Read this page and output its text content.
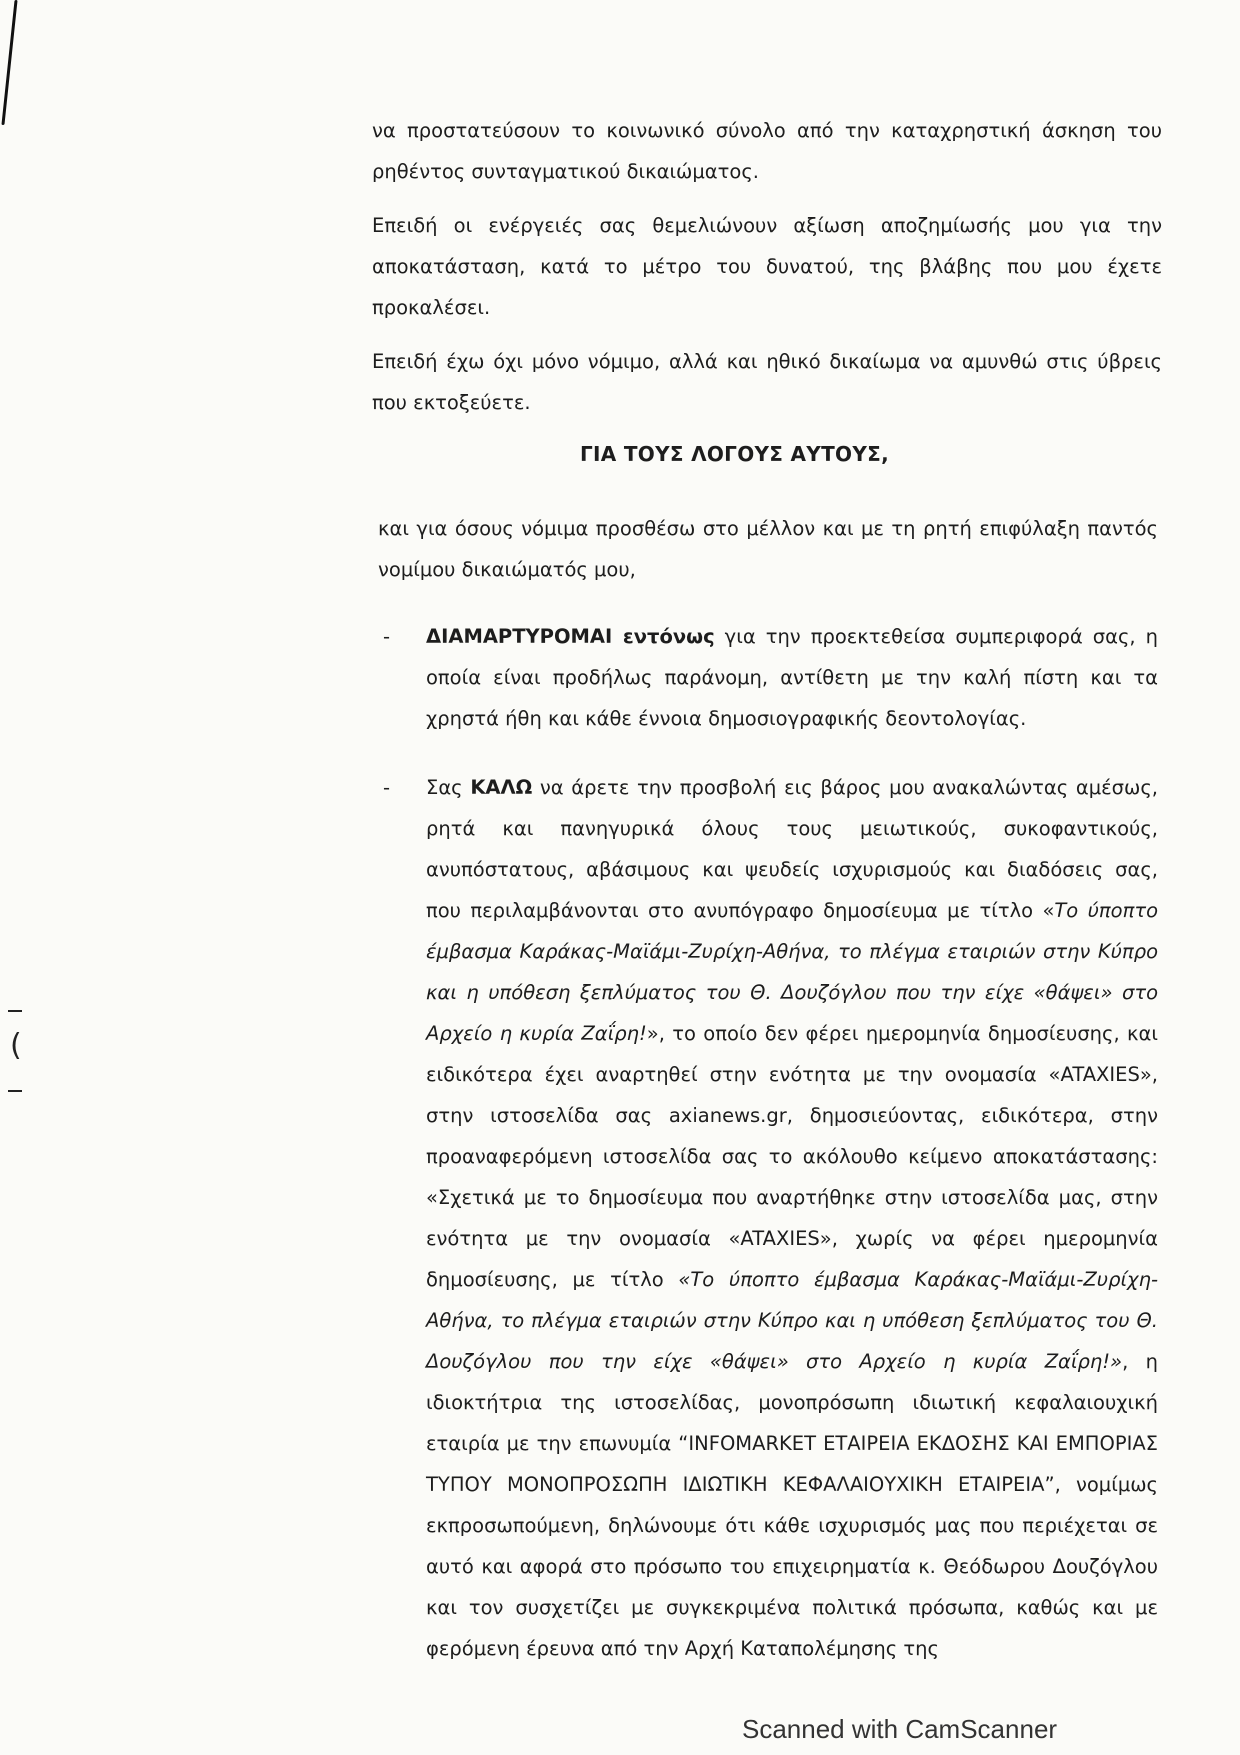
(

να προστατεύσουν το κοινωνικό σύνολο από την καταχρηστική άσκηση του ρηθέντος συνταγματικού δικαιώματος.

Επειδή οι ενέργειές σας θεμελιώνουν αξίωση αποζημίωσής μου για την αποκατάσταση, κατά το μέτρο του δυνατού, της βλάβης που μου έχετε προκαλέσει.

Επειδή έχω όχι μόνο νόμιμο, αλλά και ηθικό δικαίωμα να αμυνθώ στις ύβρεις που εκτοξεύετε.

ΓΙΑ ΤΟΥΣ ΛΟΓΟΥΣ ΑΥΤΟΥΣ,

και για όσους νόμιμα προσθέσω στο μέλλον και με τη ρητή επιφύλαξη παντός νομίμου δικαιώματός μου,

- ΔΙΑΜΑΡΤΥΡΟΜΑΙ εντόνως για την προεκτεθείσα συμπεριφορά σας, η οποία είναι προδήλως παράνομη, αντίθετη με την καλή πίστη και τα χρηστά ήθη και κάθε έννοια δημοσιογραφικής δεοντολογίας.
- Σας ΚΑΛΩ να άρετε την προσβολή εις βάρος μου ανακαλώντας αμέσως, ρητά και πανηγυρικά όλους τους μειωτικούς, συκοφαντικούς, ανυπόστατους, αβάσιμους και ψευδείς ισχυρισμούς και διαδόσεις σας, που περιλαμβάνονται στο ανυπόγραφο δημοσίευμα με τίτλο «Το ύποπτο έμβασμα Καράκας-Μαϊάμι-Ζυρίχη-Αθήνα, το πλέγμα εταιριών στην Κύπρο και η υπόθεση ξεπλύματος του Θ. Δουζόγλου που την είχε «θάψει» στο Αρχείο η κυρία Ζαΐρη!», το οποίο δεν φέρει ημερομηνία δημοσίευσης, και ειδικότερα έχει αναρτηθεί στην ενότητα με την ονομασία «ATAXIES», στην ιστοσελίδα σας axianews.gr, δημοσιεύοντας, ειδικότερα, στην προαναφερόμενη ιστοσελίδα σας το ακόλουθο κείμενο αποκατάστασης: «Σχετικά με το δημοσίευμα που αναρτήθηκε στην ιστοσελίδα μας, στην ενότητα με την ονομασία «ATAXIES», χωρίς να φέρει ημερομηνία δημοσίευσης, με τίτλο «Το ύποπτο έμβασμα Καράκας-Μαϊάμι-Ζυρίχη-Αθήνα, το πλέγμα εταιριών στην Κύπρο και η υπόθεση ξεπλύματος του Θ. Δουζόγλου που την είχε «θάψει» στο Αρχείο η κυρία Ζαΐρη!», η ιδιοκτήτρια της ιστοσελίδας, μονοπρόσωπη ιδιωτική κεφαλαιουχική εταιρία με την επωνυμία “INFOMARKET ΕΤΑΙΡΕΙΑ ΕΚΔΟΣΗΣ ΚΑΙ ΕΜΠΟΡΙΑΣ ΤΥΠΟΥ ΜΟΝΟΠΡΟΣΩΠΗ ΙΔΙΩΤΙΚΗ ΚΕΦΑΛΑΙΟΥΧΙΚΗ ΕΤΑΙΡΕΙΑ”, νομίμως εκπροσωπούμενη, δηλώνουμε ότι κάθε ισχυρισμός μας που περιέχεται σε αυτό και αφορά στο πρόσωπο του επιχειρηματία κ. Θεόδωρου Δουζόγλου και τον συσχετίζει με συγκεκριμένα πολιτικά πρόσωπα, καθώς και με φερόμενη έρευνα από την Αρχή Καταπολέμησης της
Scanned with CamScanner
